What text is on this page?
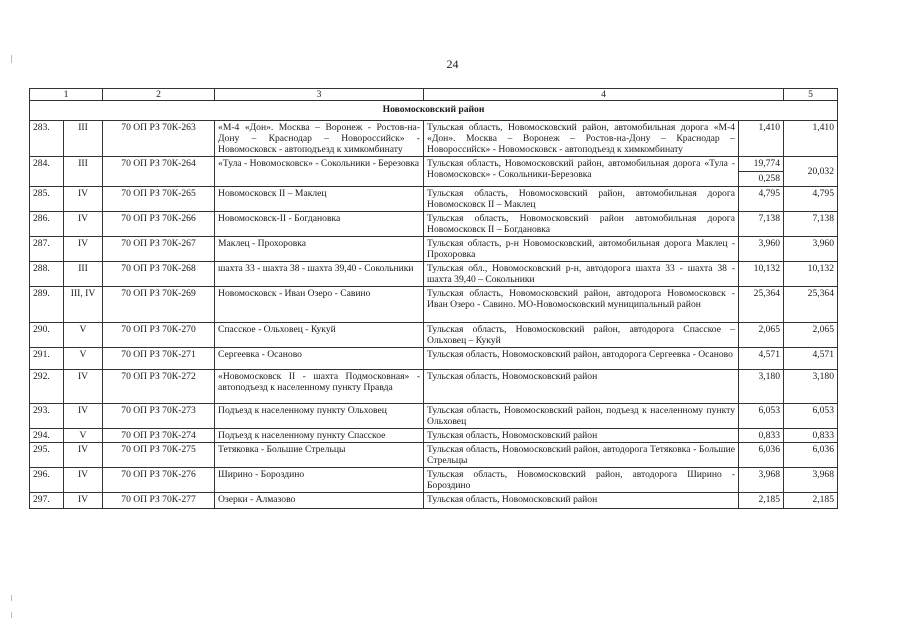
24
1		2	3	4		5
Новомосковский район						
283.	III	70 ОП РЗ 70К-263	«М-4 «Дон». Москва – Воронеж - Ростов-на-Дону – Краснодар – Новороссийск» - Новомосковск - автоподъезд к химкомбинату	Тульская область, Новомосковский район, автомобильная дорога «М-4 «Дон». Москва – Воронеж – Ростов-на-Дону – Краснодар – Новороссийск» - Новомосковск - автоподъезд к химкомбинату	1,410	1,410
284.	III	70 ОП РЗ 70К-264	«Тула - Новомосковск» - Сокольники - Березовка	Тульская область, Новомосковский район, автомобильная дорога «Тула - Новомосковск» - Сокольники-Березовка	19,774
0,258	20,032
285.	IV	70 ОП РЗ 70К-265	Новомосковск II – Маклец	Тульская область, Новомосковский район, автомобильная дорога Новомосковск II – Маклец	4,795	4,795
286.	IV	70 ОП РЗ 70К-266	Новомосковск-II - Богдановка	Тульская область, Новомосковский район автомобильная дорога Новомосковск II – Богдановка	7,138	7,138
287.	IV	70 ОП РЗ 70К-267	Маклец - Прохоровка	Тульская область, р-н Новомосковский, автомобильная дорога Маклец - Прохоровка	3,960	3,960
288.	III	70 ОП РЗ 70К-268	шахта 33 - шахта 38 - шахта 39,40 - Сокольники	Тульская обл., Новомосковский р-н, автодорога шахта 33 - шахта 38 - шахта 39,40 – Сокольники	10,132	10,132
289.	III, IV	70 ОП РЗ 70К-269	Новомосковск - Иван Озеро - Савино	Тульская область, Новомосковский район, автодорога Новомосковск - Иван Озеро - Савино. МО-Новомосковский муниципальный район	25,364	25,364
290.	V	70 ОП РЗ 70К-270	Спасское - Ольховец - Кукуй	Тульская область, Новомосковский район, автодорога Спасское – Ольховец – Кукуй	2,065	2,065
291.	V	70 ОП РЗ 70К-271	Сергеевка - Осаново	Тульская область, Новомосковский район, автодорога Сергеевка - Осаново	4,571	4,571
292.	IV	70 ОП РЗ 70К-272	«Новомосковск II - шахта Подмосковная» - автоподъезд к населенному пункту Правда	Тульская область, Новомосковский район	3,180	3,180
293.	IV	70 ОП РЗ 70К-273	Подъезд к населенному пункту Ольховец	Тульская область, Новомосковский район, подъезд к населенному пункту Ольховец	6,053	6,053
294.	V	70 ОП РЗ 70К-274	Подъезд к населенному пункту Спасское	Тульская область, Новомосковский район	0,833	0,833
295.	IV	70 ОП РЗ 70К-275	Тетяковка - Большие Стрельцы	Тульская область, Новомосковский район, автодорога Тетяковка - Большие Стрельцы	6,036	6,036
296.	IV	70 ОП РЗ 70К-276	Ширино - Бороздино	Тульская область, Новомосковский район, автодорога Ширино - Бороздино	3,968	3,968
297.	IV	70 ОП РЗ 70К-277	Озерки - Алмазово	Тульская область, Новомосковский район	2,185	2,185
